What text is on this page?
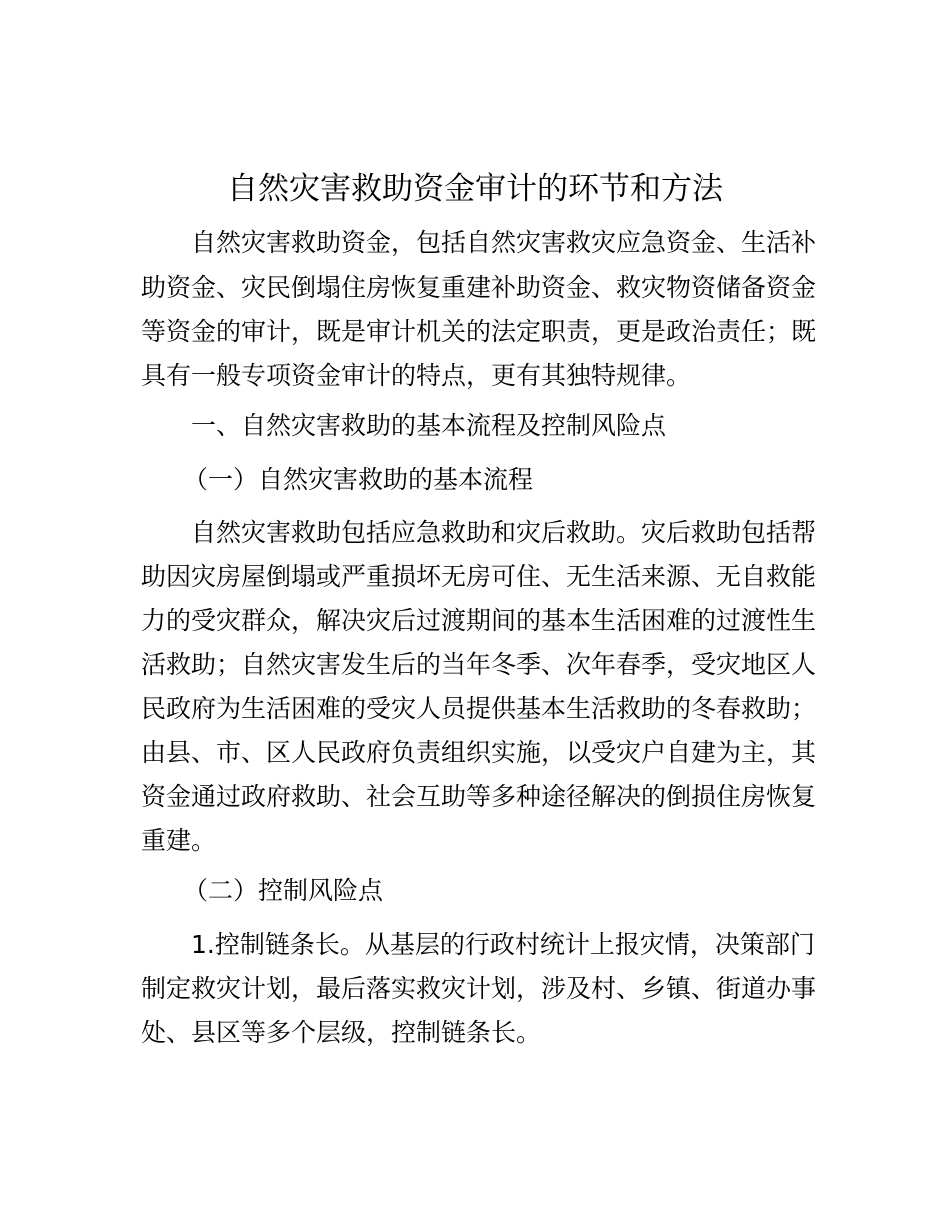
自然灾害救助资金审计的环节和方法

自然灾害救助资金，包括自然灾害救灾应急资金、生活补

助资金、灾民倒塌住房恢复重建补助资金、救灾物资储备资金

等资金的审计，既是审计机关的法定职责，更是政治责任；既

具有一般专项资金审计的特点，更有其独特规律。

一、自然灾害救助的基本流程及控制风险点

（一）自然灾害救助的基本流程

自然灾害救助包括应急救助和灾后救助。灾后救助包括帮

助因灾房屋倒塌或严重损坏无房可住、无生活来源、无自救能

力的受灾群众，解决灾后过渡期间的基本生活困难的过渡性生

活救助；自然灾害发生后的当年冬季、次年春季，受灾地区人

民政府为生活困难的受灾人员提供基本生活救助的冬春救助；

由县、市、区人民政府负责组织实施，以受灾户自建为主，其

资金通过政府救助、社会互助等多种途径解决的倒损住房恢复

重建。

（二）控制风险点

1.控制链条长。从基层的行政村统计上报灾情，决策部门

制定救灾计划，最后落实救灾计划，涉及村、乡镇、街道办事

处、县区等多个层级，控制链条长。
